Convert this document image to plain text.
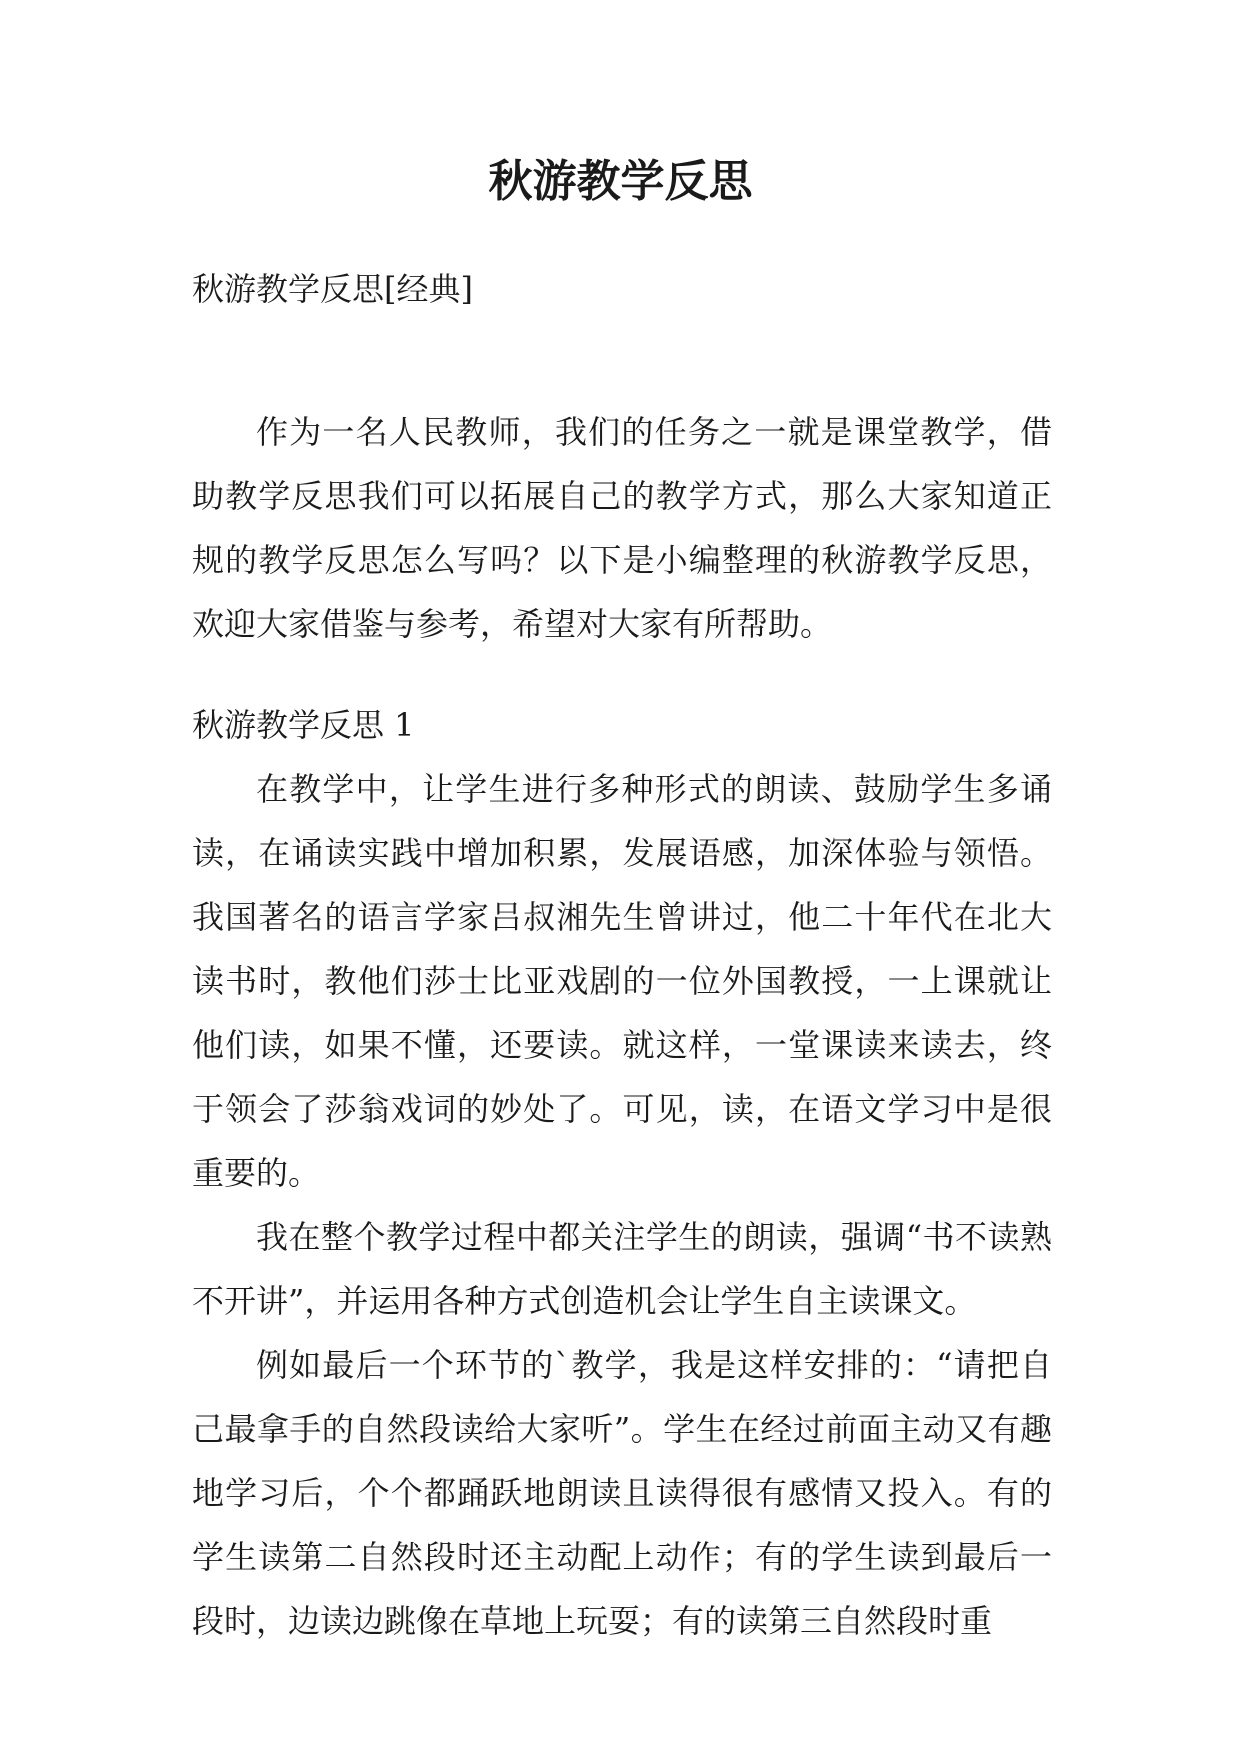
秋游教学反思

秋游教学反思[经典]

作为一名人民教师，我们的任务之一就是课堂教学，借助教学反思我们可以拓展自己的教学方式，那么大家知道正规的教学反思怎么写吗？以下是小编整理的秋游教学反思，欢迎大家借鉴与参考，希望对大家有所帮助。

秋游教学反思 1

在教学中，让学生进行多种形式的朗读、鼓励学生多诵读，在诵读实践中增加积累，发展语感，加深体验与领悟。我国著名的语言学家吕叔湘先生曾讲过，他二十年代在北大读书时，教他们莎士比亚戏剧的一位外国教授，一上课就让他们读，如果不懂，还要读。就这样，一堂课读来读去，终于领会了莎翁戏词的妙处了。可见，读，在语文学习中是很重要的。

我在整个教学过程中都关注学生的朗读，强调“书不读熟不开讲”，并运用各种方式创造机会让学生自主读课文。

例如最后一个环节的`教学，我是这样安排的：“请把自己最拿手的自然段读给大家听”。学生在经过前面主动又有趣地学习后，个个都踊跃地朗读且读得很有感情又投入。有的学生读第二自然段时还主动配上动作；有的学生读到最后一段时，边读边跳像在草地上玩耍；有的读第三自然段时重
